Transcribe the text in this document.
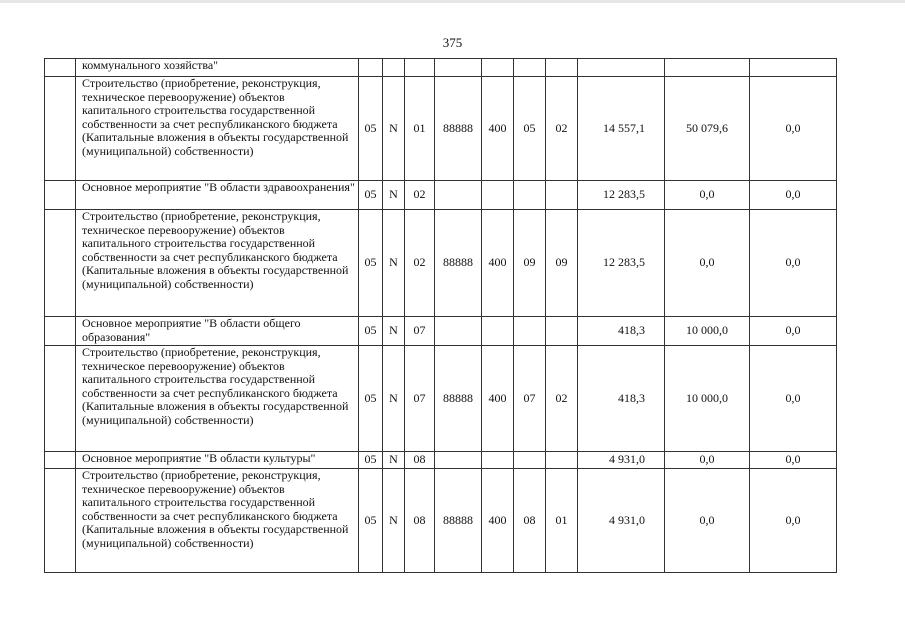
375
	коммунального хозяйства"										
	Строительство (приобретение, реконструкция, техническое перевооружение) объектов капитального строительства государственной собственности за счет республиканского бюджета (Капитальные вложения в объекты государственной (муниципальной) собственности)	05	N	01	88888	400	05	02	14 557,1	50 079,6	0,0
	Основное мероприятие "В области здравоохранения"	05	N	02					12 283,5	0,0	0,0
	Строительство (приобретение, реконструкция, техническое перевооружение) объектов капитального строительства государственной собственности за счет республиканского бюджета (Капитальные вложения в объекты государственной (муниципальной) собственности)	05	N	02	88888	400	09	09	12 283,5	0,0	0,0
	Основное мероприятие "В области общего образования"	05	N	07					418,3	10 000,0	0,0
	Строительство (приобретение, реконструкция, техническое перевооружение) объектов капитального строительства государственной собственности за счет республиканского бюджета (Капитальные вложения в объекты государственной (муниципальной) собственности)	05	N	07	88888	400	07	02	418,3	10 000,0	0,0
	Основное мероприятие "В области культуры"	05	N	08					4 931,0	0,0	0,0
	Строительство (приобретение, реконструкция, техническое перевооружение) объектов капитального строительства государственной собственности за счет республиканского бюджета (Капитальные вложения в объекты государственной (муниципальной) собственности)	05	N	08	88888	400	08	01	4 931,0	0,0	0,0
